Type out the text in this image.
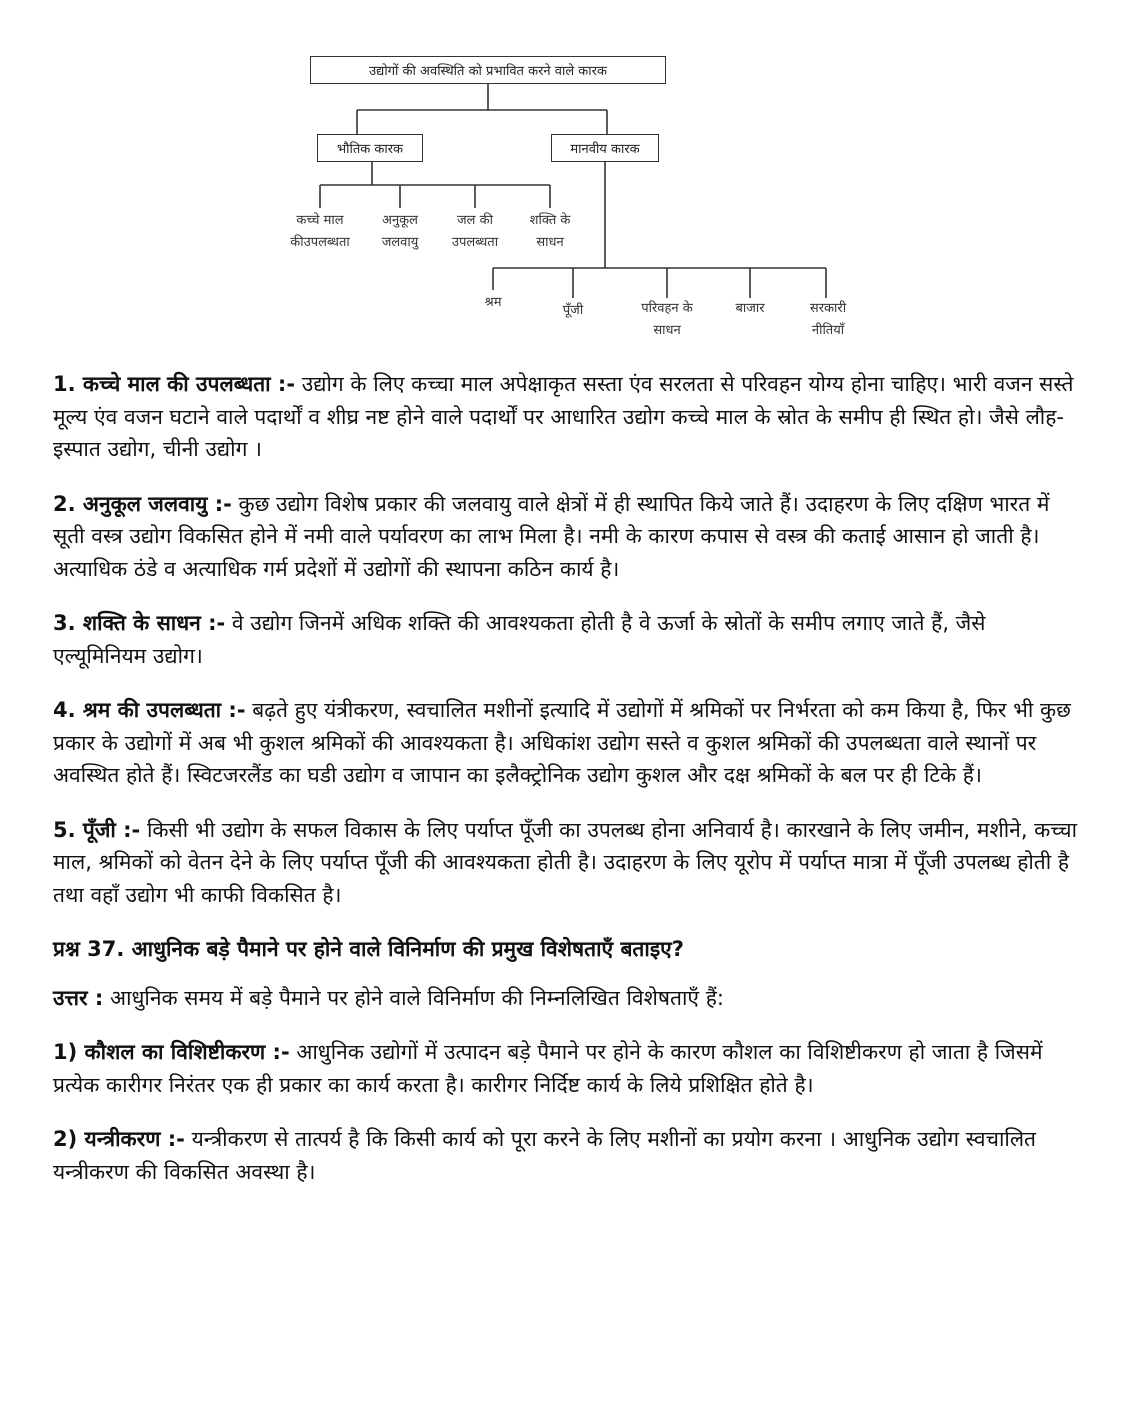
उद्योगों की अवस्थिति को प्रभावित करने वाले कारक
भौतिक कारक	मानवीय कारक
कच्चे माल
कीउपलब्धता
अनुकूल
जलवायु
जल की
उपलब्धता
शक्ति के
साधन
श्रम
पूँजी	परिवहन के
साधन
बाजार	सरकारी
नीतियाँ

1. कच्चे माल की उपलब्धता :- उद्योग के लिए कच्चा माल अपेक्षाकृत सस्ता एंव सरलता से परिवहन योग्य होना चाहिए। भारी वजन सस्ते मूल्य एंव वजन घटाने वाले पदार्थों व शीघ्र नष्ट होने वाले पदार्थों पर आधारित उद्योग कच्चे माल के स्रोत के समीप ही स्थित हो। जैसे लौह-इस्पात उद्योग, चीनी उद्योग ।

2. अनुकूल जलवायु :- कुछ उद्योग विशेष प्रकार की जलवायु वाले क्षेत्रों में ही स्थापित किये जाते हैं। उदाहरण के लिए दक्षिण भारत में सूती वस्त्र उद्योग विकसित होने में नमी वाले पर्यावरण का लाभ मिला है। नमी के कारण कपास से वस्त्र की कताई आसान हो जाती है। अत्याधिक ठंडे व अत्याधिक गर्म प्रदेशों में उद्योगों की स्थापना कठिन कार्य है।

3. शक्ति के साधन :- वे उद्योग जिनमें अधिक शक्ति की आवश्यकता होती है वे ऊर्जा के स्रोतों के समीप लगाए जाते हैं, जैसे एल्यूमिनियम उद्योग।

4. श्रम की उपलब्धता :- बढ़ते हुए यंत्रीकरण, स्वचालित मशीनों इत्यादि में उद्योगों में श्रमिकों पर निर्भरता को कम किया है, फिर भी कुछ प्रकार के उद्योगों में अब भी कुशल श्रमिकों की आवश्यकता है। अधिकांश उद्योग सस्ते व कुशल श्रमिकों की उपलब्धता वाले स्थानों पर अवस्थित होते हैं। स्विटजरलैंड का घडी उद्योग व जापान का इलैक्ट्रोनिक उद्योग कुशल और दक्ष श्रमिकों के बल पर ही टिके हैं।

5. पूँजी :- किसी भी उद्योग के सफल विकास के लिए पर्याप्त पूँजी का उपलब्ध होना अनिवार्य है। कारखाने के लिए जमीन, मशीने, कच्चा माल, श्रमिकों को वेतन देने के लिए पर्याप्त पूँजी की आवश्यकता होती है। उदाहरण के लिए यूरोप में पर्याप्त मात्रा में पूँजी उपलब्ध होती है तथा वहाँ उद्योग भी काफी विकसित है।

प्रश्न 37. आधुनिक बड़े पैमाने पर होने वाले विनिर्माण की प्रमुख विशेषताएँ बताइए?

उत्तर : आधुनिक समय में बड़े पैमाने पर होने वाले विनिर्माण की निम्नलिखित विशेषताएँ हैं:

1) कौशल का विशिष्टीकरण :- आधुनिक उद्योगों में उत्पादन बड़े पैमाने पर होने के कारण कौशल का विशिष्टीकरण हो जाता है जिसमें प्रत्येक कारीगर निरंतर एक ही प्रकार का कार्य करता है। कारीगर निर्दिष्ट कार्य के लिये प्रशिक्षित होते है।

2) यन्त्रीकरण :- यन्त्रीकरण से तात्पर्य है कि किसी कार्य को पूरा करने के लिए मशीनों का प्रयोग करना । आधुनिक उद्योग स्वचालित यन्त्रीकरण की विकसित अवस्था है।
